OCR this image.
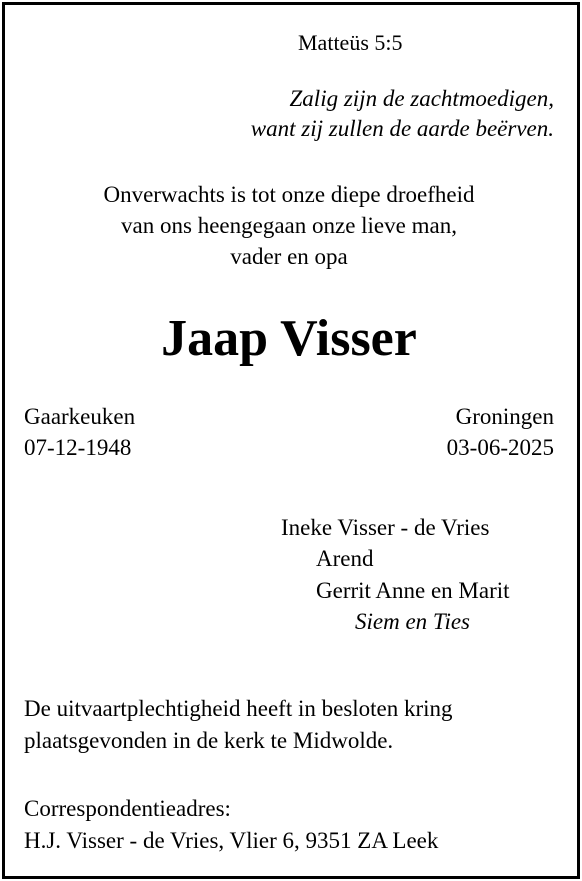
Matteüs 5:5
Zalig zijn de zachtmoedigen,
want zij zullen de aarde beërven.
Onverwachts is tot onze diepe droefheid
van ons heengegaan onze lieve man,
vader en opa
Jaap Visser
Gaarkeuken
07-12-1948
Groningen
03-06-2025
Ineke Visser - de Vries
Arend
Gerrit Anne en Marit
Siem en Ties
De uitvaartplechtigheid heeft in besloten kring
plaatsgevonden in de kerk te Midwolde.
Correspondentieadres:
H.J. Visser - de Vries, Vlier 6, 9351 ZA Leek
